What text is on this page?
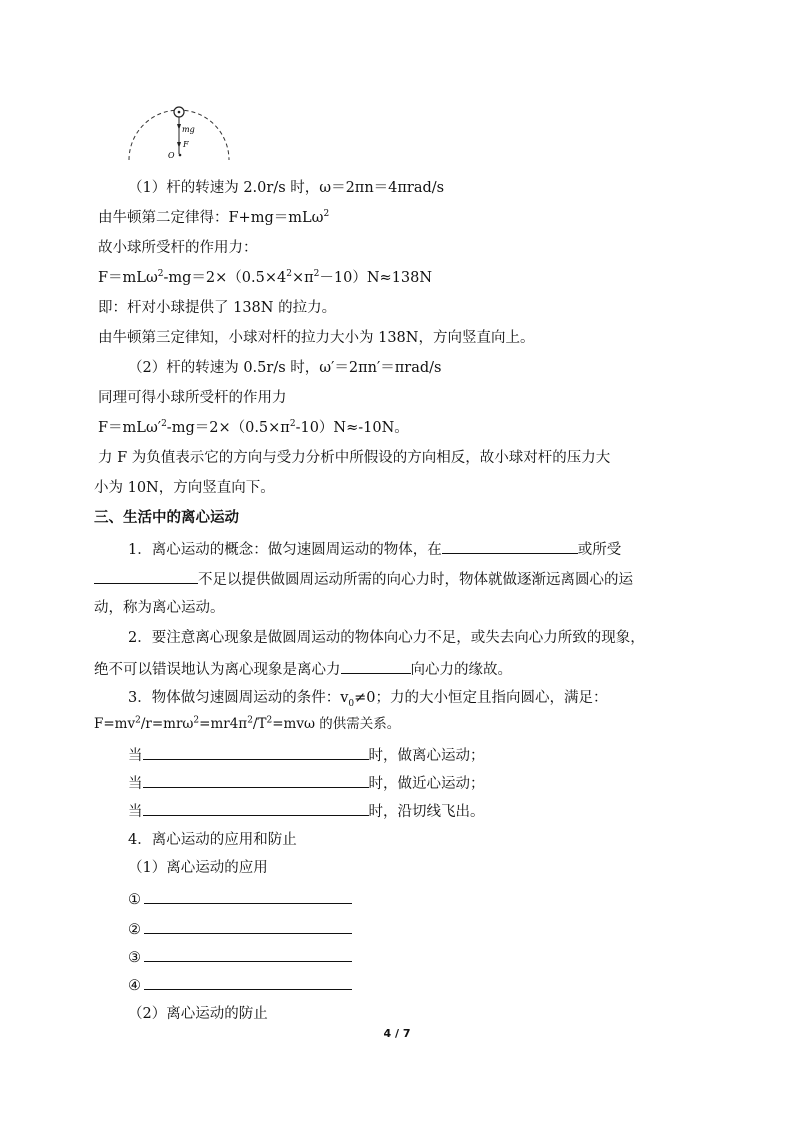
mg
F
O
（1）杆的转速为 2.0r/s 时，ω＝2πn＝4πrad/s
由牛顿第二定律得：F+mg＝mLω$^2$
故小球所受杆的作用力：
$F=mL\omega^2-mg=2\times(0.5\times 4^2\times\pi^2-10)N\approx 138N$
即：杆对小球提供了 138N 的拉力。
由牛顿第三定律知，小球对杆的拉力大小为 138N，方向竖直向上。
（2）杆的转速为 0.5r/s 时，ω′＝2πn′＝πrad/s
同理可得小球所受杆的作用力
$F=mL\omega'^2-mg=2\times(0.5\times\pi^2-10)N\approx-10N$。
力 F 为负值表示它的方向与受力分析中所假设的方向相反，故小球对杆的压力大
小为 10N，方向竖直向下。
三、生活中的离心运动
1．离心运动的概念：做匀速圆周运动的物体，在	或所受
不足以提供做圆周运动所需的向心力时，物体就做逐渐远离圆心的运
动，称为离心运动。
2．要注意离心现象是做圆周运动的物体向心力不足，或失去向心力所致的现象，
绝不可以错误地认为离心现象是离心力	向心力的缘故。
3．物体做匀速圆周运动的条件：$v_0\ne 0$；力的大小恒定且指向圆心，满足：
$F=mv^2/r=mr\omega^2=mr4\pi^2/T^2=mv\omega$ 的供需关系。
当	时，做离心运动；
当	时，做近心运动；
当	时，沿切线飞出。
4．离心运动的应用和防止
（1）离心运动的应用
①
②
③
④
（2）离心运动的防止
4 / 7
